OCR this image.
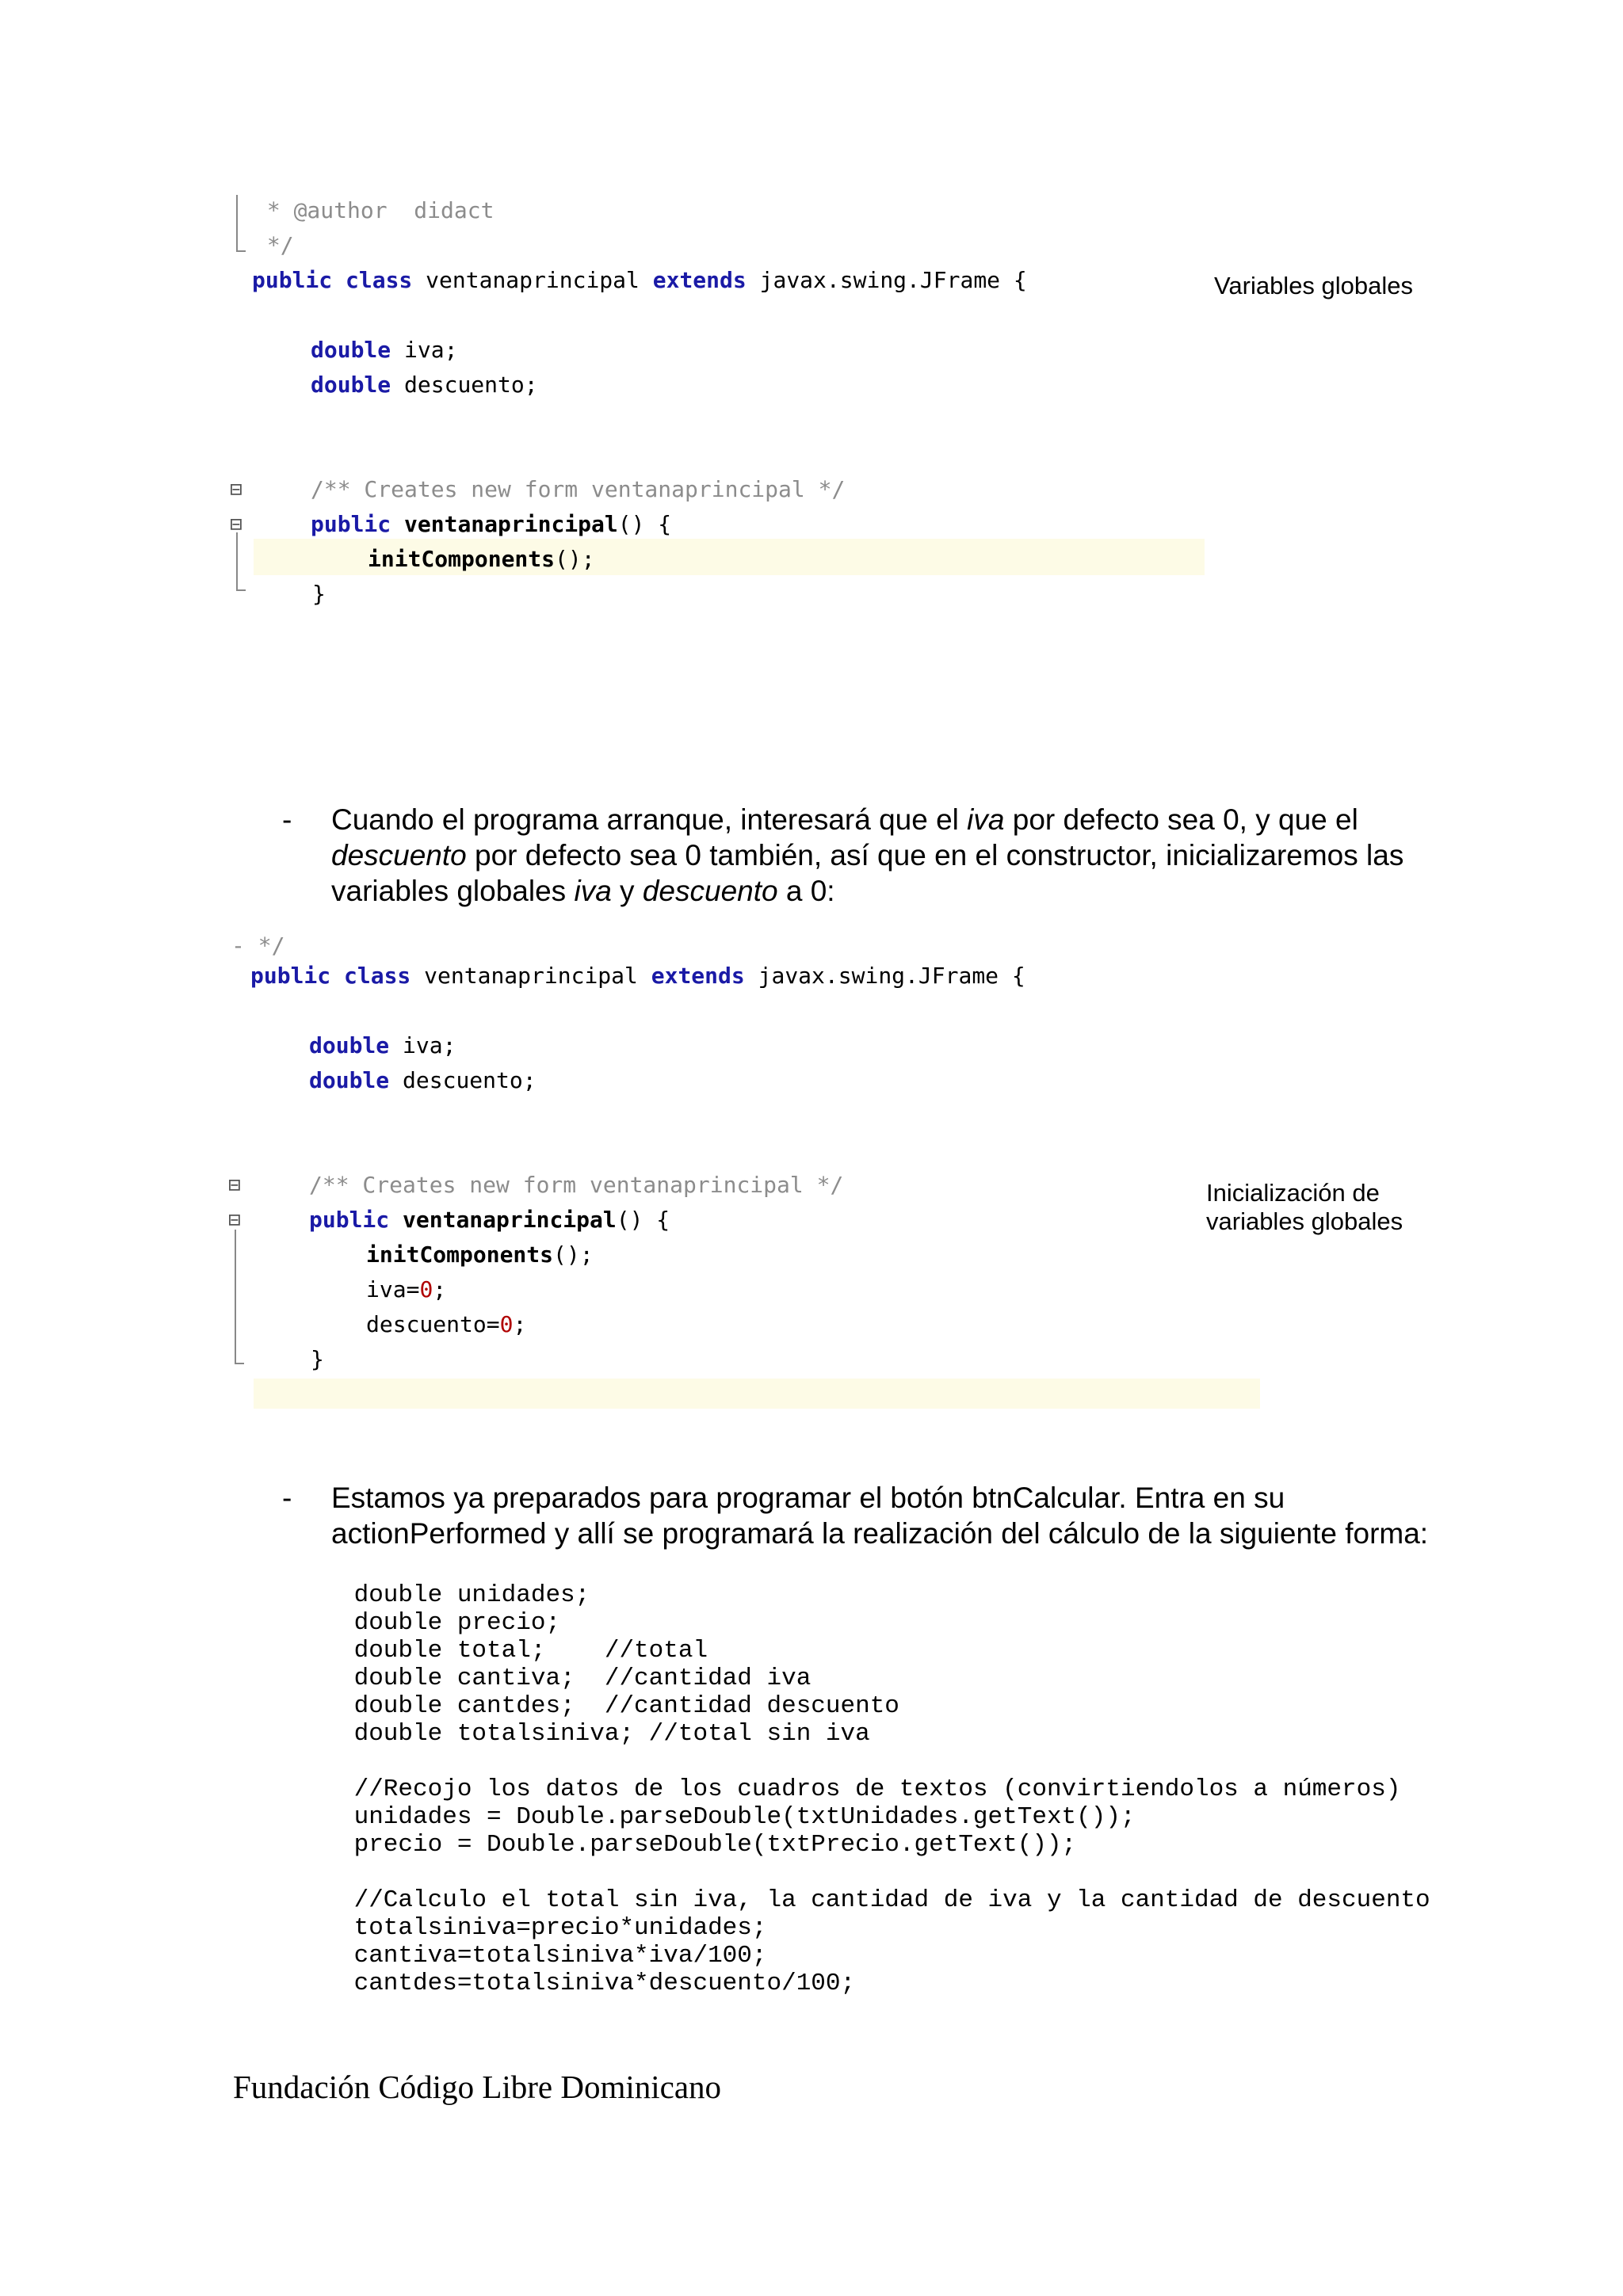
* @author  didact
*/
public class ventanaprincipal extends javax.swing.JFrame {
double iva;
double descuento;
⊟	/** Creates new form ventanaprincipal */
⊟	public ventanaprincipal() {
initComponents();
}
Variables globales
- Cuando el programa arranque, interesará que el iva por defecto sea 0, y que el descuento por defecto sea 0 también, así que en el constructor, inicializaremos las variables globales iva y descuento a 0:
- */
public class ventanaprincipal extends javax.swing.JFrame {
double iva;
double descuento;
⊟	/** Creates new form ventanaprincipal */
⊟	public ventanaprincipal() {
initComponents();
iva=0;
descuento=0;
}
Inicialización de
variables globales
- Estamos ya preparados para programar el botón btnCalcular. Entra en su actionPerformed y allí se programará la realización del cálculo de la siguiente forma:
double unidades;
double precio;
double total;    //total
double cantiva;  //cantidad iva
double cantdes;  //cantidad descuento
double totalsiniva; //total sin iva
//Recojo los datos de los cuadros de textos (convirtiendolos a números)
unidades = Double.parseDouble(txtUnidades.getText());
precio = Double.parseDouble(txtPrecio.getText());
//Calculo el total sin iva, la cantidad de iva y la cantidad de descuento
totalsiniva=precio*unidades;
cantiva=totalsiniva*iva/100;
cantdes=totalsiniva*descuento/100;
Fundación Código Libre Dominicano
